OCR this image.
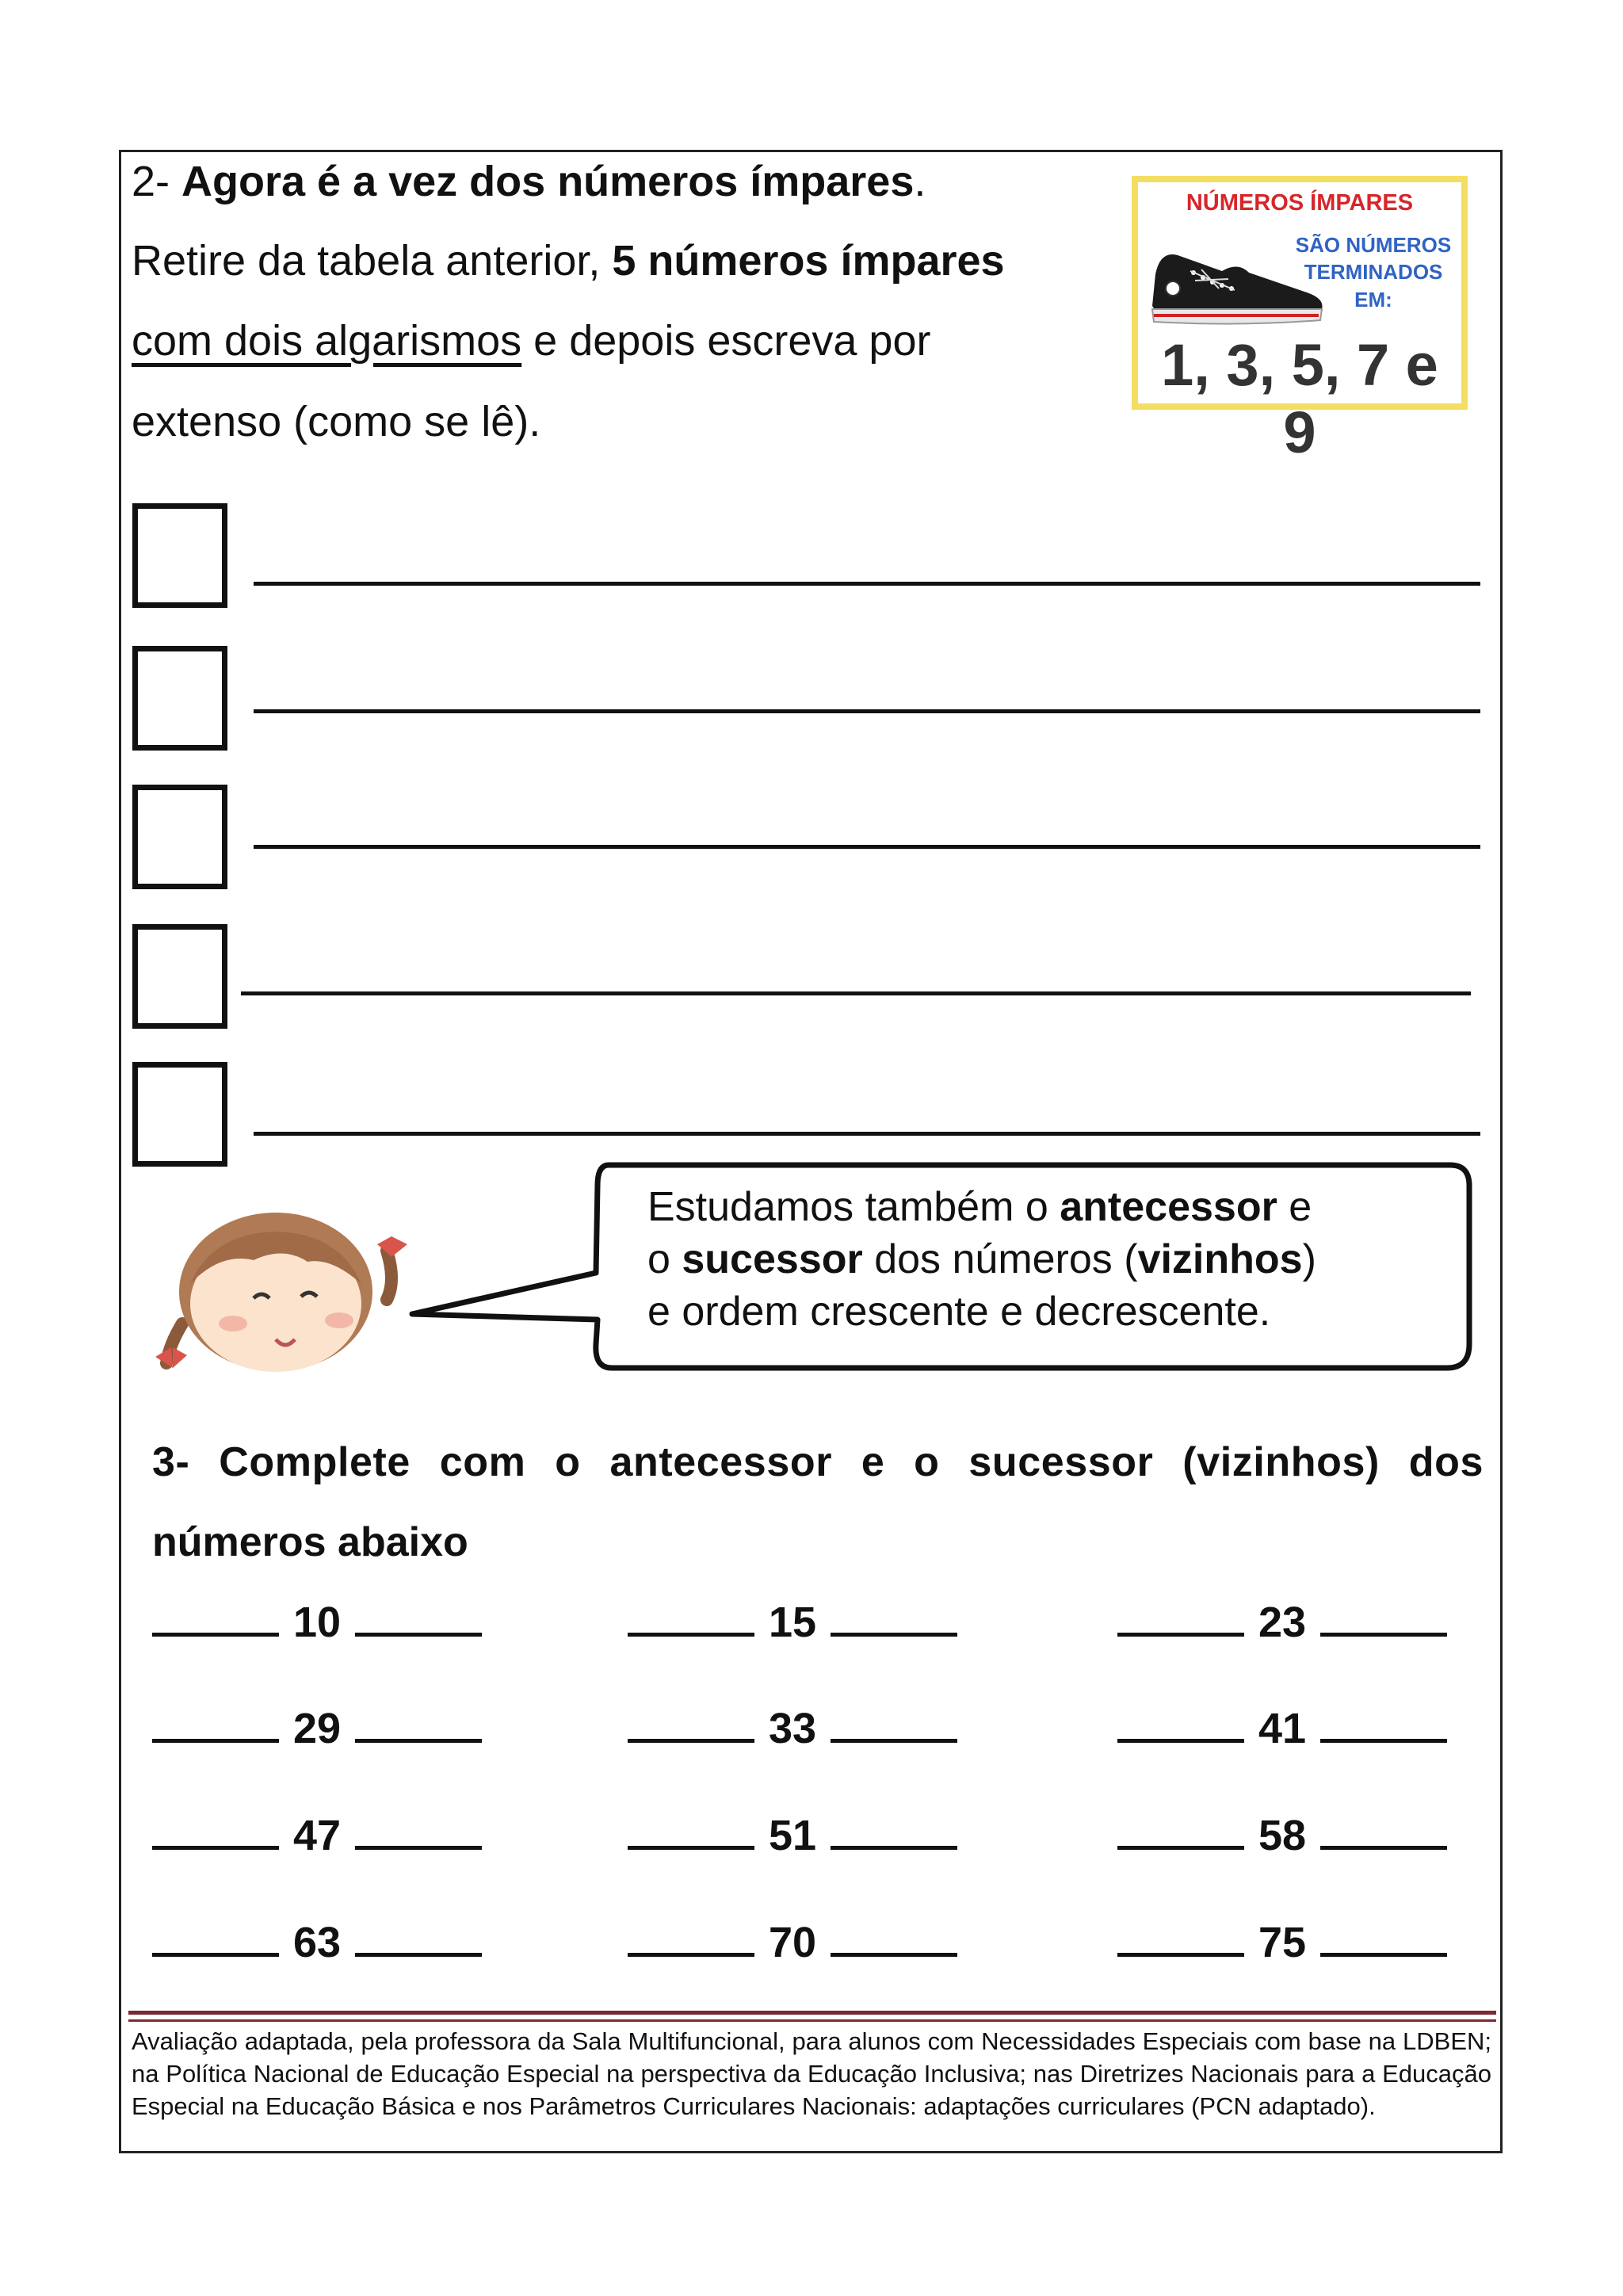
2- Agora é a vez dos números ímpares.
Retire da tabela anterior, 5 números ímpares
com dois algarismos e depois escreva por
extenso (como se lê).
NÚMEROS ÍMPARES
SÃO NÚMEROS
TERMINADOS
EM:
1, 3, 5, 7 e 9
Estudamos também o antecessor e
o sucessor dos números (vizinhos)
e ordem crescente e decrescente.
3- Complete com o antecessor e o sucessor (vizinhos) dos
números abaixo
10	15	23
29	33	41
47	51	58
63	70	75
Avaliação adaptada, pela professora da Sala Multifuncional, para alunos com Necessidades Especiais com base na LDBEN; na Política Nacional de Educação Especial na perspectiva da Educação Inclusiva; nas Diretrizes Nacionais para a Educação Especial na Educação Básica e nos Parâmetros Curriculares Nacionais: adaptações curriculares (PCN adaptado).
